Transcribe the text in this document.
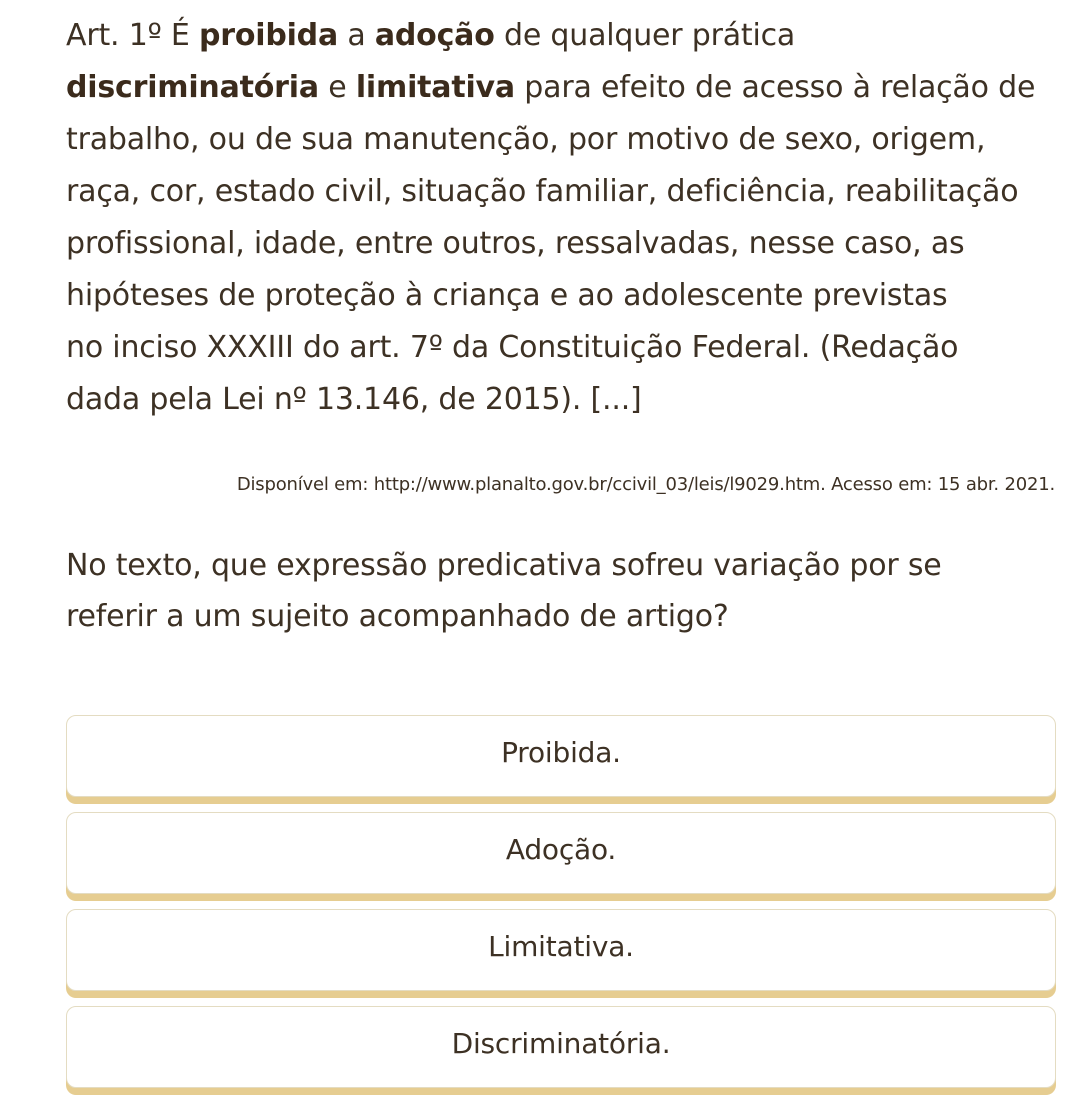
Art. 1º É proibida a adoção de qualquer prática
discriminatória e limitativa para efeito de acesso à relação de
trabalho, ou de sua manutenção, por motivo de sexo, origem,
raça, cor, estado civil, situação familiar, deficiência, reabilitação
profissional, idade, entre outros, ressalvadas, nesse caso, as
hipóteses de proteção à criança e ao adolescente previstas
no inciso XXXIII do art. 7º da Constituição Federal. (Redação
dada pela Lei nº 13.146, de 2015). [...]
Disponível em: http://www.planalto.gov.br/ccivil_03/leis/l9029.htm. Acesso em: 15 abr. 2021.
No texto, que expressão predicativa sofreu variação por se
referir a um sujeito acompanhado de artigo?
Proibida.
Adoção.
Limitativa.
Discriminatória.
